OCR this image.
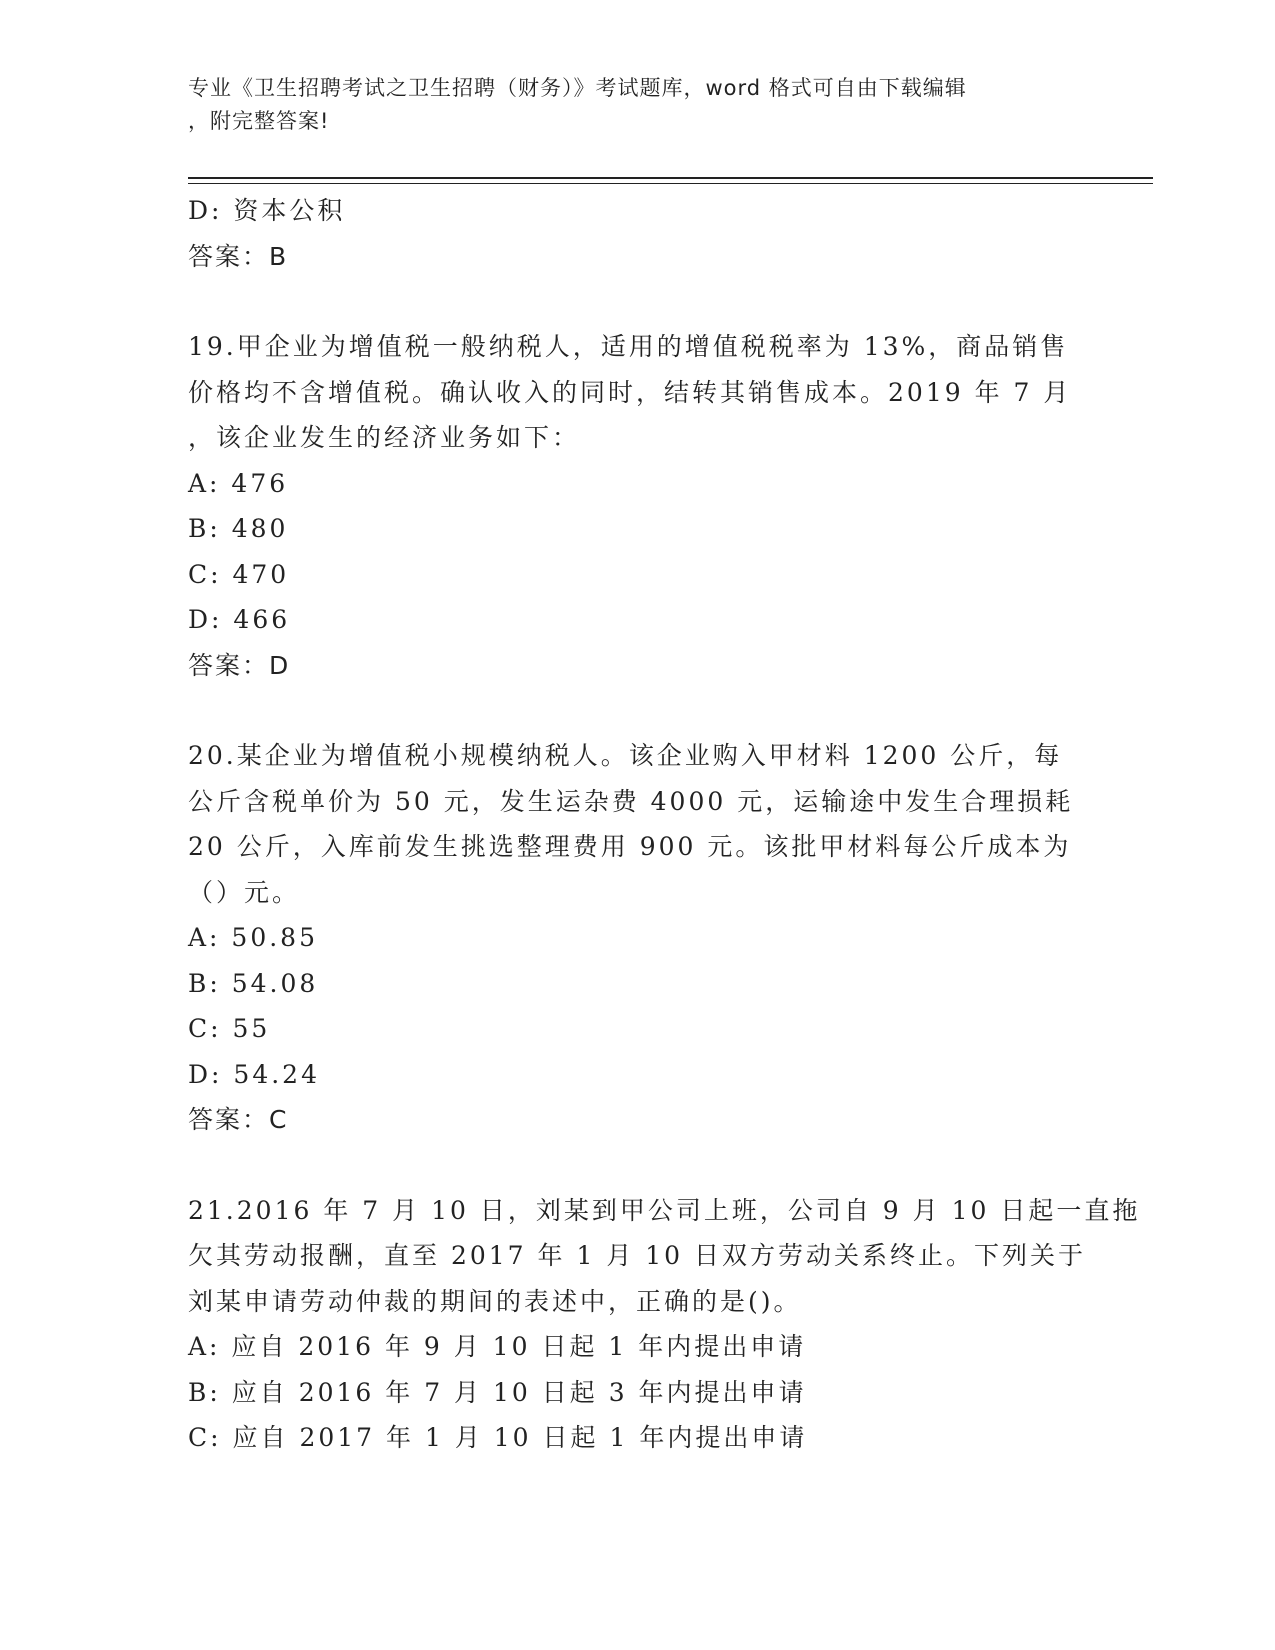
专业《卫生招聘考试之卫生招聘（财务）》考试题库，word 格式可自由下载编辑
，附完整答案!
D: 资本公积
答案：B
19.甲企业为增值税一般纳税人，适用的增值税税率为 13%，商品销售
价格均不含增值税。确认收入的同时，结转其销售成本。2019 年 7 月
，该企业发生的经济业务如下：
A: 476
B: 480
C: 470
D: 466
答案：D
20.某企业为增值税小规模纳税人。该企业购入甲材料 1200 公斤，每
公斤含税单价为 50 元，发生运杂费 4000 元，运输途中发生合理损耗
20 公斤，入库前发生挑选整理费用 900 元。该批甲材料每公斤成本为
（）元。
A: 50.85
B: 54.08
C: 55
D: 54.24
答案：C
21.2016 年 7 月 10 日，刘某到甲公司上班，公司自 9 月 10 日起一直拖
欠其劳动报酬，直至 2017 年 1 月 10 日双方劳动关系终止。下列关于
刘某申请劳动仲裁的期间的表述中，正确的是()。
A: 应自 2016 年 9 月 10 日起 1 年内提出申请
B: 应自 2016 年 7 月 10 日起 3 年内提出申请
C: 应自 2017 年 1 月 10 日起 1 年内提出申请
